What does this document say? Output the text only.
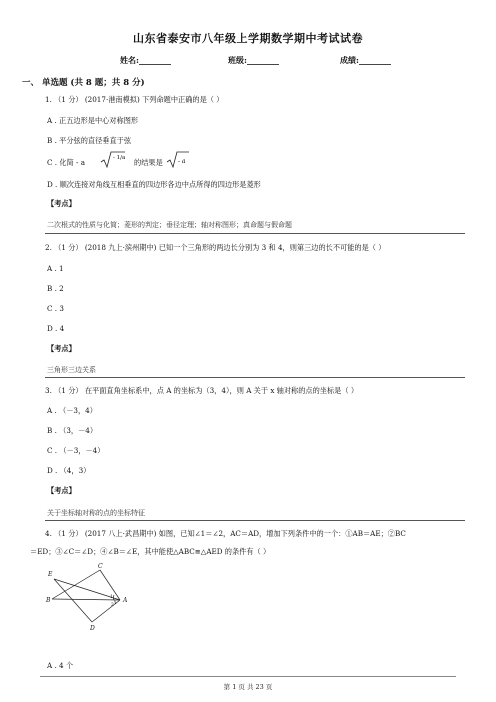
山东省泰安市八年级上学期数学期中考试试卷
姓名:________	班级:________	成绩:________
一、 单选题 (共 8 题；共 8 分)
1. （1 分） (2017·港南模拟) 下列命题中正确的是（ ）
A . 正五边形是中心对称图形
B . 平分弦的直径垂直于弦
C . 化简 - a	- 1/a 的结果是	- a
D . 顺次连接对角线互相垂直的四边形各边中点所得的四边形是菱形
【考点】
二次根式的性质与化简；菱形的判定；垂径定理；轴对称图形；真命题与假命题
2. （1 分） (2018 九上·滨州期中) 已知一个三角形的两边长分别为 3 和 4，则第三边的长不可能的是（ ）
A . 1
B . 2
C . 3
D . 4
【考点】
三角形三边关系
3. （1 分） 在平面直角坐标系中，点 A 的坐标为（3，4），则 A 关于 x 轴对称的点的坐标是（ ）
A . （－3，4）
B . （3，－4）
C . （－3，－4）
D . （4，3）
【考点】
关于坐标轴对称的点的坐标特征
4. （1 分） (2017 八上·武昌期中) 如图，已知∠1＝∠2，AC＝AD，增加下列条件中的一个：①AB＝AE；②BC
＝ED；③∠C＝∠D；④∠B＝∠E，其中能使△ABC≌△AED 的条件有（ ）
E
C
B	A
D
1
2
A . 4 个
第 1 页 共 23 页
